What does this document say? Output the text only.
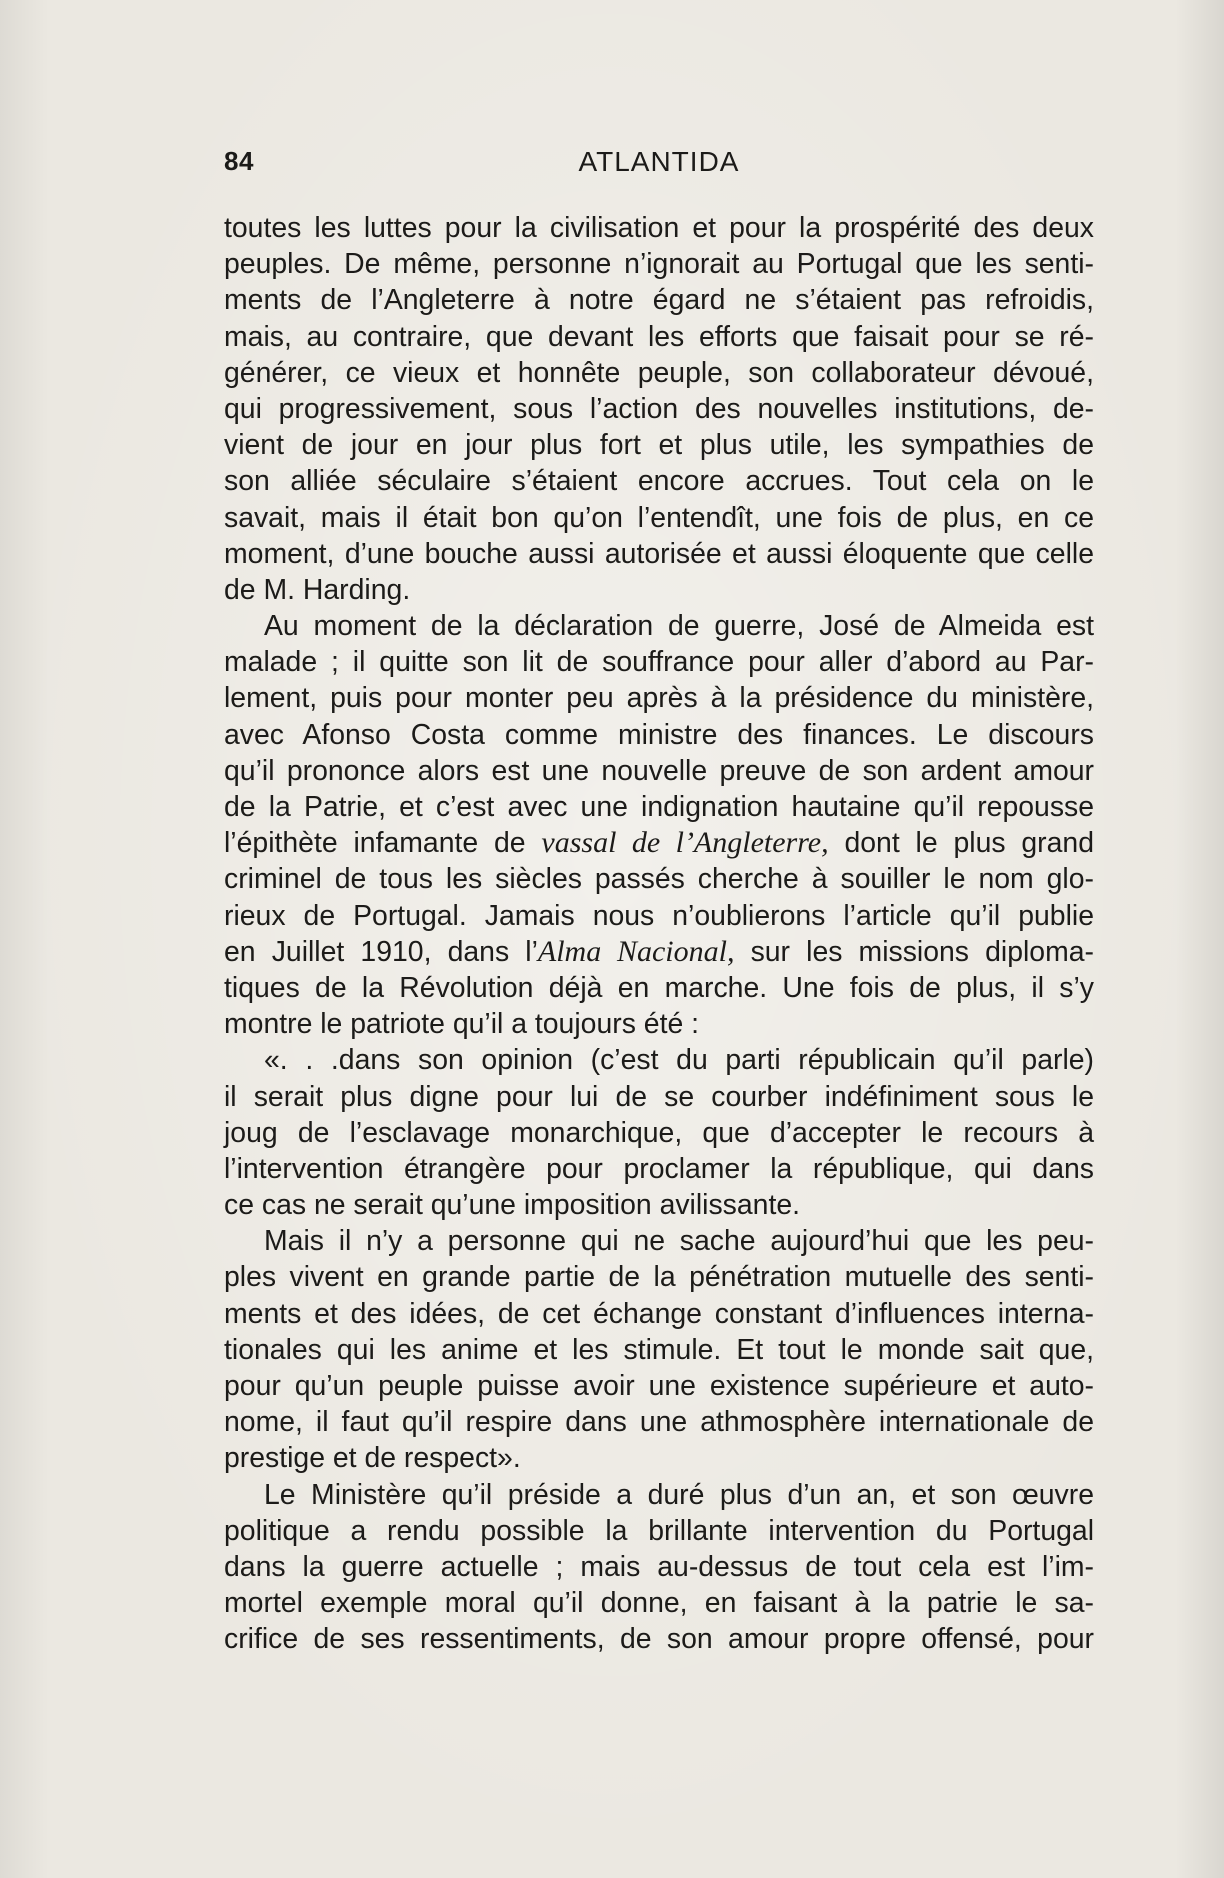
84	ATLANTIDA
toutes les luttes pour la civilisation et pour la prospérité des deux
peuples. De même, personne n’ignorait au Portugal que les senti-
ments de l’Angleterre à notre égard ne s’étaient pas refroidis,
mais, au contraire, que devant les efforts que faisait pour se ré-
générer, ce vieux et honnête peuple, son collaborateur dévoué,
qui progressivement, sous l’action des nouvelles institutions, de-
vient de jour en jour plus fort et plus utile, les sympathies de
son alliée séculaire s’étaient encore accrues. Tout cela on le
savait, mais il était bon qu’on l’entendît, une fois de plus, en ce
moment, d’une bouche aussi autorisée et aussi éloquente que celle
de M. Harding.
Au moment de la déclaration de guerre, José de Almeida est
malade ; il quitte son lit de souffrance pour aller d’abord au Par-
lement, puis pour monter peu après à la présidence du ministère,
avec Afonso Costa comme ministre des finances. Le discours
qu’il prononce alors est une nouvelle preuve de son ardent amour
de la Patrie, et c’est avec une indignation hautaine qu’il repousse
l’épithète infamante de vassal de l’Angleterre, dont le plus grand
criminel de tous les siècles passés cherche à souiller le nom glo-
rieux de Portugal. Jamais nous n’oublierons l’article qu’il publie
en Juillet 1910, dans l’Alma Nacional, sur les missions diploma-
tiques de la Révolution déjà en marche. Une fois de plus, il s’y
montre le patriote qu’il a toujours été :
«. . .dans son opinion (c’est du parti républicain qu’il parle)
il serait plus digne pour lui de se courber indéfiniment sous le
joug de l’esclavage monarchique, que d’accepter le recours à
l’intervention étrangère pour proclamer la république, qui dans
ce cas ne serait qu’une imposition avilissante.
Mais il n’y a personne qui ne sache aujourd’hui que les peu-
ples vivent en grande partie de la pénétration mutuelle des senti-
ments et des idées, de cet échange constant d’influences interna-
tionales qui les anime et les stimule. Et tout le monde sait que,
pour qu’un peuple puisse avoir une existence supérieure et auto-
nome, il faut qu’il respire dans une athmosphère internationale de
prestige et de respect».
Le Ministère qu’il préside a duré plus d’un an, et son œuvre
politique a rendu possible la brillante intervention du Portugal
dans la guerre actuelle ; mais au-dessus de tout cela est l’im-
mortel exemple moral qu’il donne, en faisant à la patrie le sa-
crifice de ses ressentiments, de son amour propre offensé, pour
